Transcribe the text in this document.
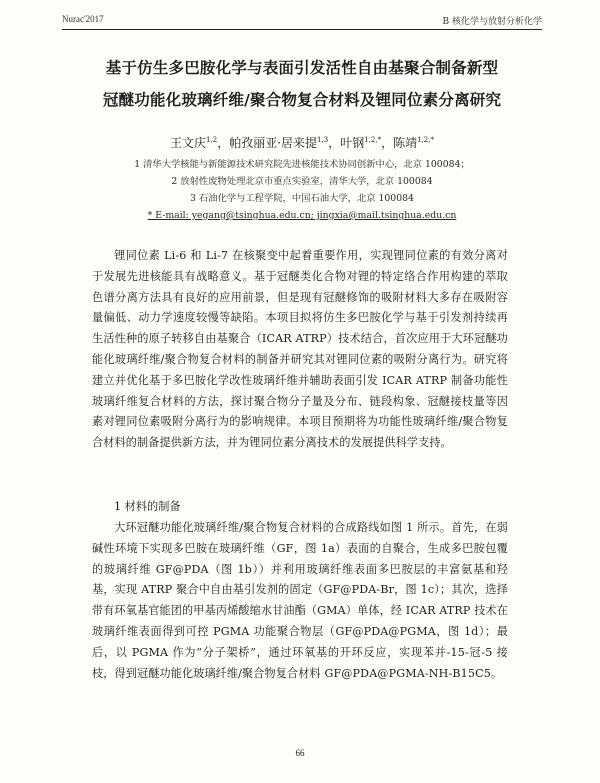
Nurac'2017	B 核化学与放射分析化学
基于仿生多巴胺化学与表面引发活性自由基聚合制备新型
冠醚功能化玻璃纤维/聚合物复合材料及锂同位素分离研究
王文庆$^{1,2}$，帕孜丽亚·居来提$^{1,3}$，叶钢$^{1,2,*}$，陈靖$^{1,2,*}$
1 清华大学核能与新能源技术研究院先进核能技术协同创新中心，北京 100084；
2 放射性废物处理北京市重点实验室，清华大学，北京 100084
3 石油化学与工程学院，中国石油大学，北京 100084
* E-mail: yegang@tsinghua.edu.cn; jingxia@mail.tsinghua.edu.cn
锂同位素 Li-6 和 Li-7 在核聚变中起着重要作用，实现锂同位素的有效分离对于发展先进核能具有战略意义。基于冠醚类化合物对锂的特定络合作用构建的萃取色谱分离方法具有良好的应用前景，但是现有冠醚修饰的吸附材料大多存在吸附容量偏低、动力学速度较慢等缺陷。本项目拟将仿生多巴胺化学与基于引发剂持续再生活性种的原子转移自由基聚合（ICAR ATRP）技术结合，首次应用于大环冠醚功能化玻璃纤维/聚合物复合材料的制备并研究其对锂同位素的吸附分离行为。研究将建立并优化基于多巴胺化学改性玻璃纤维并辅助表面引发 ICAR ATRP 制备功能性玻璃纤维复合材料的方法，探讨聚合物分子量及分布、链段构象、冠醚接枝量等因素对锂同位素吸附分离行为的影响规律。本项目预期将为功能性玻璃纤维/聚合物复合材料的制备提供新方法，并为锂同位素分离技术的发展提供科学支持。
1 材料的制备
大环冠醚功能化玻璃纤维/聚合物复合材料的合成路线如图 1 所示。首先，在弱碱性环境下实现多巴胺在玻璃纤维（GF，图 1a）表面的自聚合，生成多巴胺包覆的玻璃纤维 GF@PDA（图 1b））并利用玻璃纤维表面多巴胺层的丰富氨基和羟基，实现 ATRP 聚合中自由基引发剂的固定（GF@PDA-Br，图 1c）；其次，选择带有环氧基官能团的甲基丙烯酸缩水甘油酯（GMA）单体，经 ICAR ATRP 技术在玻璃纤维表面得到可控 PGMA 功能聚合物层（GF@PDA@PGMA，图 1d）；最后，以 PGMA 作为“分子架桥”，通过环氧基的开环反应，实现苯并-15-冠-5 接枝，得到冠醚功能化玻璃纤维/聚合物复合材料 GF@PDA@PGMA-NH-B15C5。
66
